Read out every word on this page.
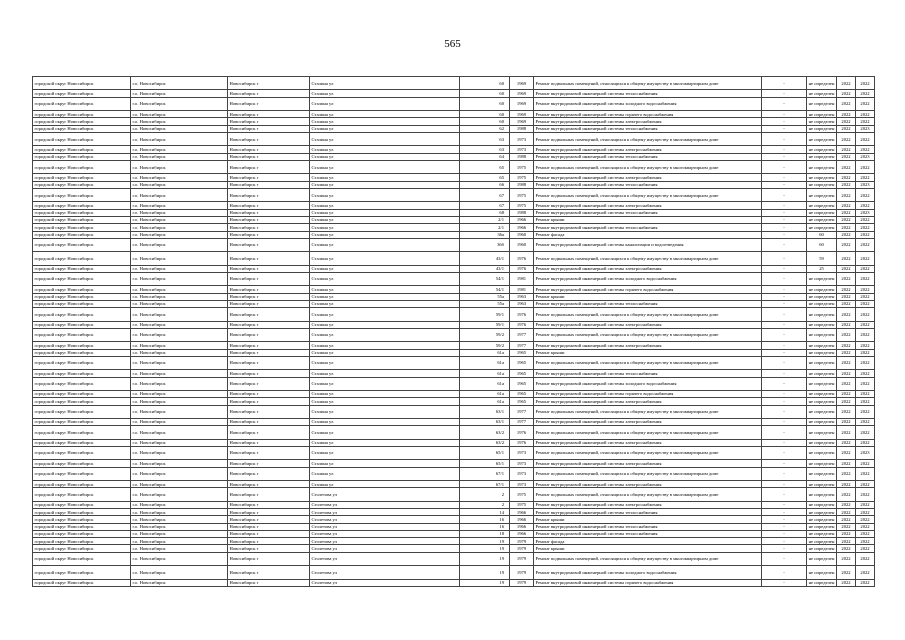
565
городской округ Новосибирск	г.о. Новосибирск	Новосибирск г	Сталина ул	60	1969	Ремонт подвальных помещений, относящихся к общему имуществу в многоквартирном доме	-	не определен	2022	2022
городской округ Новосибирск	г.о. Новосибирск	Новосибирск г	Сталина ул	60	1969	Ремонт внутридомовой инженерной системы теплоснабжения	-	не определен	2022	2022
городской округ Новосибирск	г.о. Новосибирск	Новосибирск г	Сталина ул	60	1969	Ремонт внутридомовой инженерной системы холодного водоснабжения	-	не определен	2022	2022
городской округ Новосибирск	г.о. Новосибирск	Новосибирск г	Сталина ул	60	1969	Ремонт внутридомовой инженерной системы горячего водоснабжения	-	не определен	2022	2022
городской округ Новосибирск	г.о. Новосибирск	Новосибирск г	Сталина ул	60	1969	Ремонт внутридомовой инженерной системы электроснабжения	-	не определен	2022	2022
городской округ Новосибирск	г.о. Новосибирск	Новосибирск г	Сталина ул	62	1988	Ремонт внутридомовой инженерной системы теплоснабжения	-	не определен	2022	2023
городской округ Новосибирск	г.о. Новосибирск	Новосибирск г	Сталина ул	63	1973	Ремонт подвальных помещений, относящихся к общему имуществу в многоквартирном доме	-	не определен	2022	2022
городской округ Новосибирск	г.о. Новосибирск	Новосибирск г	Сталина ул	63	1973	Ремонт внутридомовой инженерной системы электроснабжения	-	не определен	2022	2022
городской округ Новосибирск	г.о. Новосибирск	Новосибирск г	Сталина ул	64	1988	Ремонт внутридомовой инженерной системы теплоснабжения	-	не определен	2022	2023
городской округ Новосибирск	г.о. Новосибирск	Новосибирск г	Сталина ул	65	1975	Ремонт подвальных помещений, относящихся к общему имуществу в многоквартирном доме	-	не определен	2022	2022
городской округ Новосибирск	г.о. Новосибирск	Новосибирск г	Сталина ул	65	1975	Ремонт внутридомовой инженерной системы электроснабжения	-	не определен	2022	2022
городской округ Новосибирск	г.о. Новосибирск	Новосибирск г	Сталина ул	66	1988	Ремонт внутридомовой инженерной системы теплоснабжения	-	не определен	2022	2023
городской округ Новосибирск	г.о. Новосибирск	Новосибирск г	Сталина ул	67	1975	Ремонт подвальных помещений, относящихся к общему имуществу в многоквартирном доме	-	не определен	2022	2022
городской округ Новосибирск	г.о. Новосибирск	Новосибирск г	Сталина ул	67	1975	Ремонт внутридомовой инженерной системы электроснабжения	-	не определен	2022	2022
городской округ Новосибирск	г.о. Новосибирск	Новосибирск г	Сталина ул	68	1988	Ремонт внутридомовой инженерной системы теплоснабжения	-	не определен	2022	2023
городской округ Новосибирск	г.о. Новосибирск	Новосибирск г	Сталина ул	2/1	1966	Ремонт крыши	-	не определен	2022	2022
городской округ Новосибирск	г.о. Новосибирск	Новосибирск г	Сталина ул	2/1	1966	Ремонт внутридомовой инженерной системы теплоснабжения	-	не определен	2022	2022
городской округ Новосибирск	г.о. Новосибирск	Новосибирск г	Сталина ул	36а	1960	Ремонт фасада	-	60	2022	2022
городской округ Новосибирск	г.о. Новосибирск	Новосибирск г	Сталина ул	36б	1960	Ремонт внутридомовой инженерной системы канализации и водоотведения	-	60	2022	2022
городской округ Новосибирск	г.о. Новосибирск	Новосибирск г	Сталина ул	43/1	1976	Ремонт подвальных помещений, относящихся к общему имуществу в многоквартирном доме	-	59	2022	2022
городской округ Новосибирск	г.о. Новосибирск	Новосибирск г	Сталина ул	43/1	1976	Ремонт внутридомовой инженерной системы электроснабжения	-	25	2022	2022
городской округ Новосибирск	г.о. Новосибирск	Новосибирск г	Сталина ул	54/1	1981	Ремонт внутридомовой инженерной системы холодного водоснабжения	-	не определен	2022	2022
городской округ Новосибирск	г.о. Новосибирск	Новосибирск г	Сталина ул	54/1	1981	Ремонт внутридомовой инженерной системы горячего водоснабжения	-	не определен	2022	2022
городской округ Новосибирск	г.о. Новосибирск	Новосибирск г	Сталина ул	55а	1963	Ремонт крыши	-	не определен	2022	2022
городской округ Новосибирск	г.о. Новосибирск	Новосибирск г	Сталина ул	55а	1963	Ремонт внутридомовой инженерной системы теплоснабжения	-	не определен	2022	2022
городской округ Новосибирск	г.о. Новосибирск	Новосибирск г	Сталина ул	59/1	1976	Ремонт подвальных помещений, относящихся к общему имуществу в многоквартирном доме	-	не определен	2022	2022
городской округ Новосибирск	г.о. Новосибирск	Новосибирск г	Сталина ул	59/1	1976	Ремонт внутридомовой инженерной системы электроснабжения	-	не определен	2022	2022
городской округ Новосибирск	г.о. Новосибирск	Новосибирск г	Сталина ул	59/2	1977	Ремонт подвальных помещений, относящихся к общему имуществу в многоквартирном доме	-	не определен	2022	2022
городской округ Новосибирск	г.о. Новосибирск	Новосибирск г	Сталина ул	59/2	1977	Ремонт внутридомовой инженерной системы электроснабжения	-	не определен	2022	2022
городской округ Новосибирск	г.о. Новосибирск	Новосибирск г	Сталина ул	61а	1965	Ремонт крыши	-	не определен	2022	2022
городской округ Новосибирск	г.о. Новосибирск	Новосибирск г	Сталина ул	61а	1965	Ремонт подвальных помещений, относящихся к общему имуществу в многоквартирном доме	-	не определен	2022	2022
городской округ Новосибирск	г.о. Новосибирск	Новосибирск г	Сталина ул	61а	1965	Ремонт внутридомовой инженерной системы теплоснабжения	-	не определен	2022	2022
городской округ Новосибирск	г.о. Новосибирск	Новосибирск г	Сталина ул	61а	1965	Ремонт внутридомовой инженерной системы холодного водоснабжения	-	не определен	2022	2022
городской округ Новосибирск	г.о. Новосибирск	Новосибирск г	Сталина ул	61а	1965	Ремонт внутридомовой инженерной системы горячего водоснабжения	-	не определен	2022	2022
городской округ Новосибирск	г.о. Новосибирск	Новосибирск г	Сталина ул	61а	1965	Ремонт внутридомовой инженерной системы электроснабжения	-	не определен	2022	2022
городской округ Новосибирск	г.о. Новосибирск	Новосибирск г	Сталина ул	63/1	1977	Ремонт подвальных помещений, относящихся к общему имуществу в многоквартирном доме	-	не определен	2022	2022
городской округ Новосибирск	г.о. Новосибирск	Новосибирск г	Сталина ул	63/1	1977	Ремонт внутридомовой инженерной системы электроснабжения	-	не определен	2022	2022
городской округ Новосибирск	г.о. Новосибирск	Новосибирск г	Сталина ул	63/2	1976	Ремонт подвальных помещений, относящихся к общему имуществу в многоквартирном доме	-	не определен	2022	2022
городской округ Новосибирск	г.о. Новосибирск	Новосибирск г	Сталина ул	63/2	1976	Ремонт внутридомовой инженерной системы электроснабжения	-	не определен	2022	2022
городской округ Новосибирск	г.о. Новосибирск	Новосибирск г	Сталина ул	65/1	1973	Ремонт подвальных помещений, относящихся к общему имуществу в многоквартирном доме	-	не определен	2022	2023
городской округ Новосибирск	г.о. Новосибирск	Новосибирск г	Сталина ул	65/1	1973	Ремонт внутридомовой инженерной системы электроснабжения	-	не определен	2022	2022
городской округ Новосибирск	г.о. Новосибирск	Новосибирск г	Сталина ул	67/1	1973	Ремонт подвальных помещений, относящихся к общему имуществу в многоквартирном доме	-	не определен	2022	2022
городской округ Новосибирск	г.о. Новосибирск	Новосибирск г	Сталина ул	67/1	1973	Ремонт внутридомовой инженерной системы электроснабжения	-	не определен	2022	2022
городской округ Новосибирск	г.о. Новосибирск	Новосибирск г	Столетова ул	2	1975	Ремонт подвальных помещений, относящихся к общему имуществу в многоквартирном доме	-	не определен	2022	2022
городской округ Новосибирск	г.о. Новосибирск	Новосибирск г	Столетова ул	2	1975	Ремонт внутридомовой инженерной системы электроснабжения	-	не определен	2022	2022
городской округ Новосибирск	г.о. Новосибирск	Новосибирск г	Столетова ул	14	1966	Ремонт внутридомовой инженерной системы теплоснабжения	-	не определен	2022	2022
городской округ Новосибирск	г.о. Новосибирск	Новосибирск г	Столетова ул	16	1966	Ремонт крыши	-	не определен	2022	2022
городской округ Новосибирск	г.о. Новосибирск	Новосибирск г	Столетова ул	16	1966	Ремонт внутридомовой инженерной системы теплоснабжения	-	не определен	2022	2022
городской округ Новосибирск	г.о. Новосибирск	Новосибирск г	Столетова ул	18	1966	Ремонт внутридомовой инженерной системы теплоснабжения	-	не определен	2022	2022
городской округ Новосибирск	г.о. Новосибирск	Новосибирск г	Столетова ул	19	1979	Ремонт фасада	-	не определен	2022	2022
городской округ Новосибирск	г.о. Новосибирск	Новосибирск г	Столетова ул	19	1979	Ремонт крыши	-	не определен	2022	2022
городской округ Новосибирск	г.о. Новосибирск	Новосибирск г	Столетова ул	19	1979	Ремонт подвальных помещений, относящихся к общему имуществу в многоквартирном доме	-	не определен	2022	2022
городской округ Новосибирск	г.о. Новосибирск	Новосибирск г	Столетова ул	19	1979	Ремонт внутридомовой инженерной системы холодного водоснабжения	-	не определен	2022	2022
городской округ Новосибирск	г.о. Новосибирск	Новосибирск г	Столетова ул	19	1979	Ремонт внутридомовой инженерной системы горячего водоснабжения	-	не определен	2022	2022
